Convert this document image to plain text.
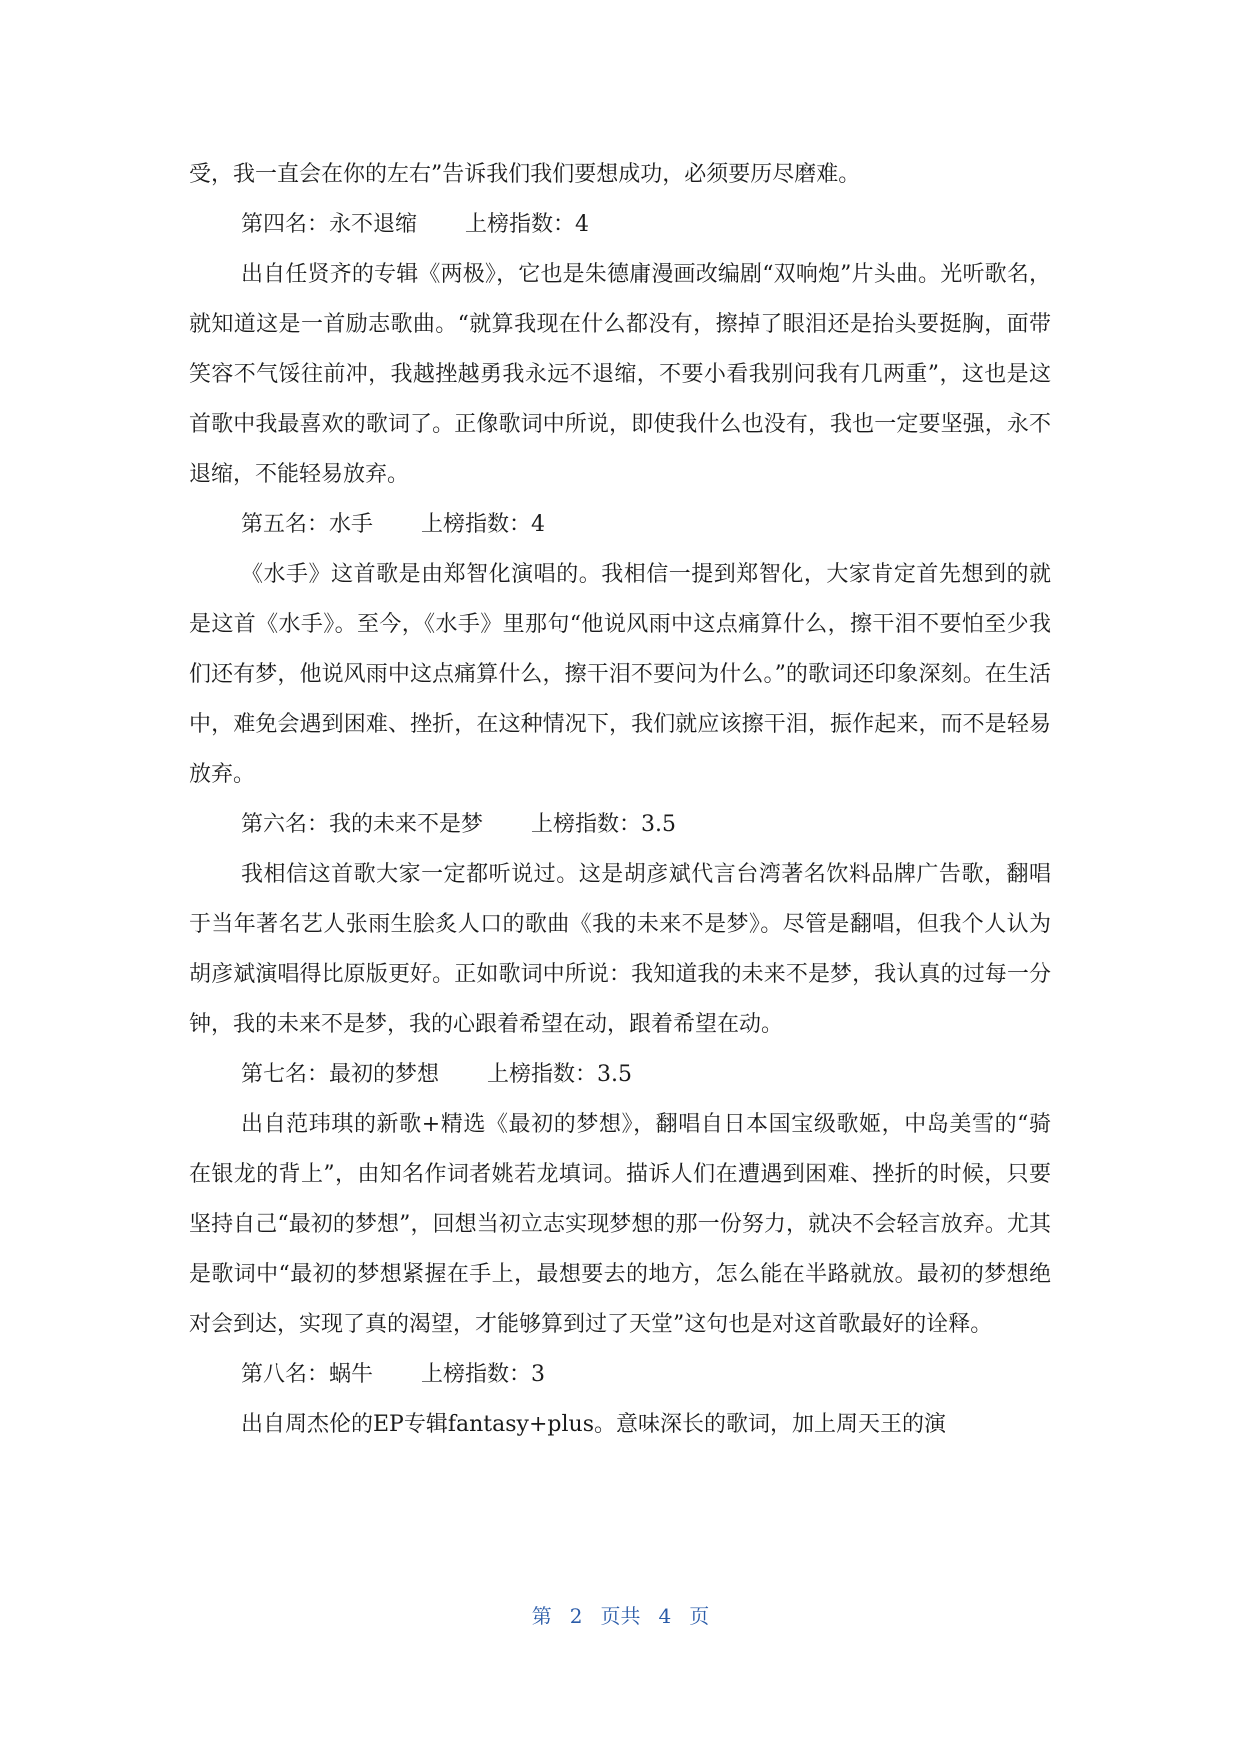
受，我一直会在你的左右”告诉我们我们要想成功，必须要历尽磨难。

第四名：永不退缩 上榜指数：4

出自任贤齐的专辑《两极》，它也是朱德庸漫画改编剧“双响炮”片头曲。光听歌名，就知道这是一首励志歌曲。“就算我现在什么都没有，擦掉了眼泪还是抬头要挺胸，面带笑容不气馁往前冲，我越挫越勇我永远不退缩，不要小看我别问我有几两重”，这也是这首歌中我最喜欢的歌词了。正像歌词中所说，即使我什么也没有，我也一定要坚强，永不退缩，不能轻易放弃。

第五名：水手 上榜指数：4

《水手》这首歌是由郑智化演唱的。我相信一提到郑智化，大家肯定首先想到的就是这首《水手》。至今，《水手》里那句“他说风雨中这点痛算什么，擦干泪不要怕至少我们还有梦，他说风雨中这点痛算什么，擦干泪不要问为什么。”的歌词还印象深刻。在生活中，难免会遇到困难、挫折，在这种情况下，我们就应该擦干泪，振作起来，而不是轻易放弃。

第六名：我的未来不是梦 上榜指数：3.5

我相信这首歌大家一定都听说过。这是胡彦斌代言台湾著名饮料品牌广告歌，翻唱于当年著名艺人张雨生脍炙人口的歌曲《我的未来不是梦》。尽管是翻唱，但我个人认为胡彦斌演唱得比原版更好。正如歌词中所说：我知道我的未来不是梦，我认真的过每一分钟，我的未来不是梦，我的心跟着希望在动，跟着希望在动。

第七名：最初的梦想 上榜指数：3.5

出自范玮琪的新歌+精选《最初的梦想》，翻唱自日本国宝级歌姬，中岛美雪的“骑在银龙的背上”，由知名作词者姚若龙填词。描诉人们在遭遇到困难、挫折的时候，只要坚持自己“最初的梦想”，回想当初立志实现梦想的那一份努力，就决不会轻言放弃。尤其是歌词中“最初的梦想紧握在手上，最想要去的地方，怎么能在半路就放。最初的梦想绝对会到达，实现了真的渴望，才能够算到过了天堂”这句也是对这首歌最好的诠释。

第八名：蜗牛 上榜指数：3

出自周杰伦的EP专辑fantasy+plus。意味深长的歌词，加上周天王的演

第 2 页共 4 页
